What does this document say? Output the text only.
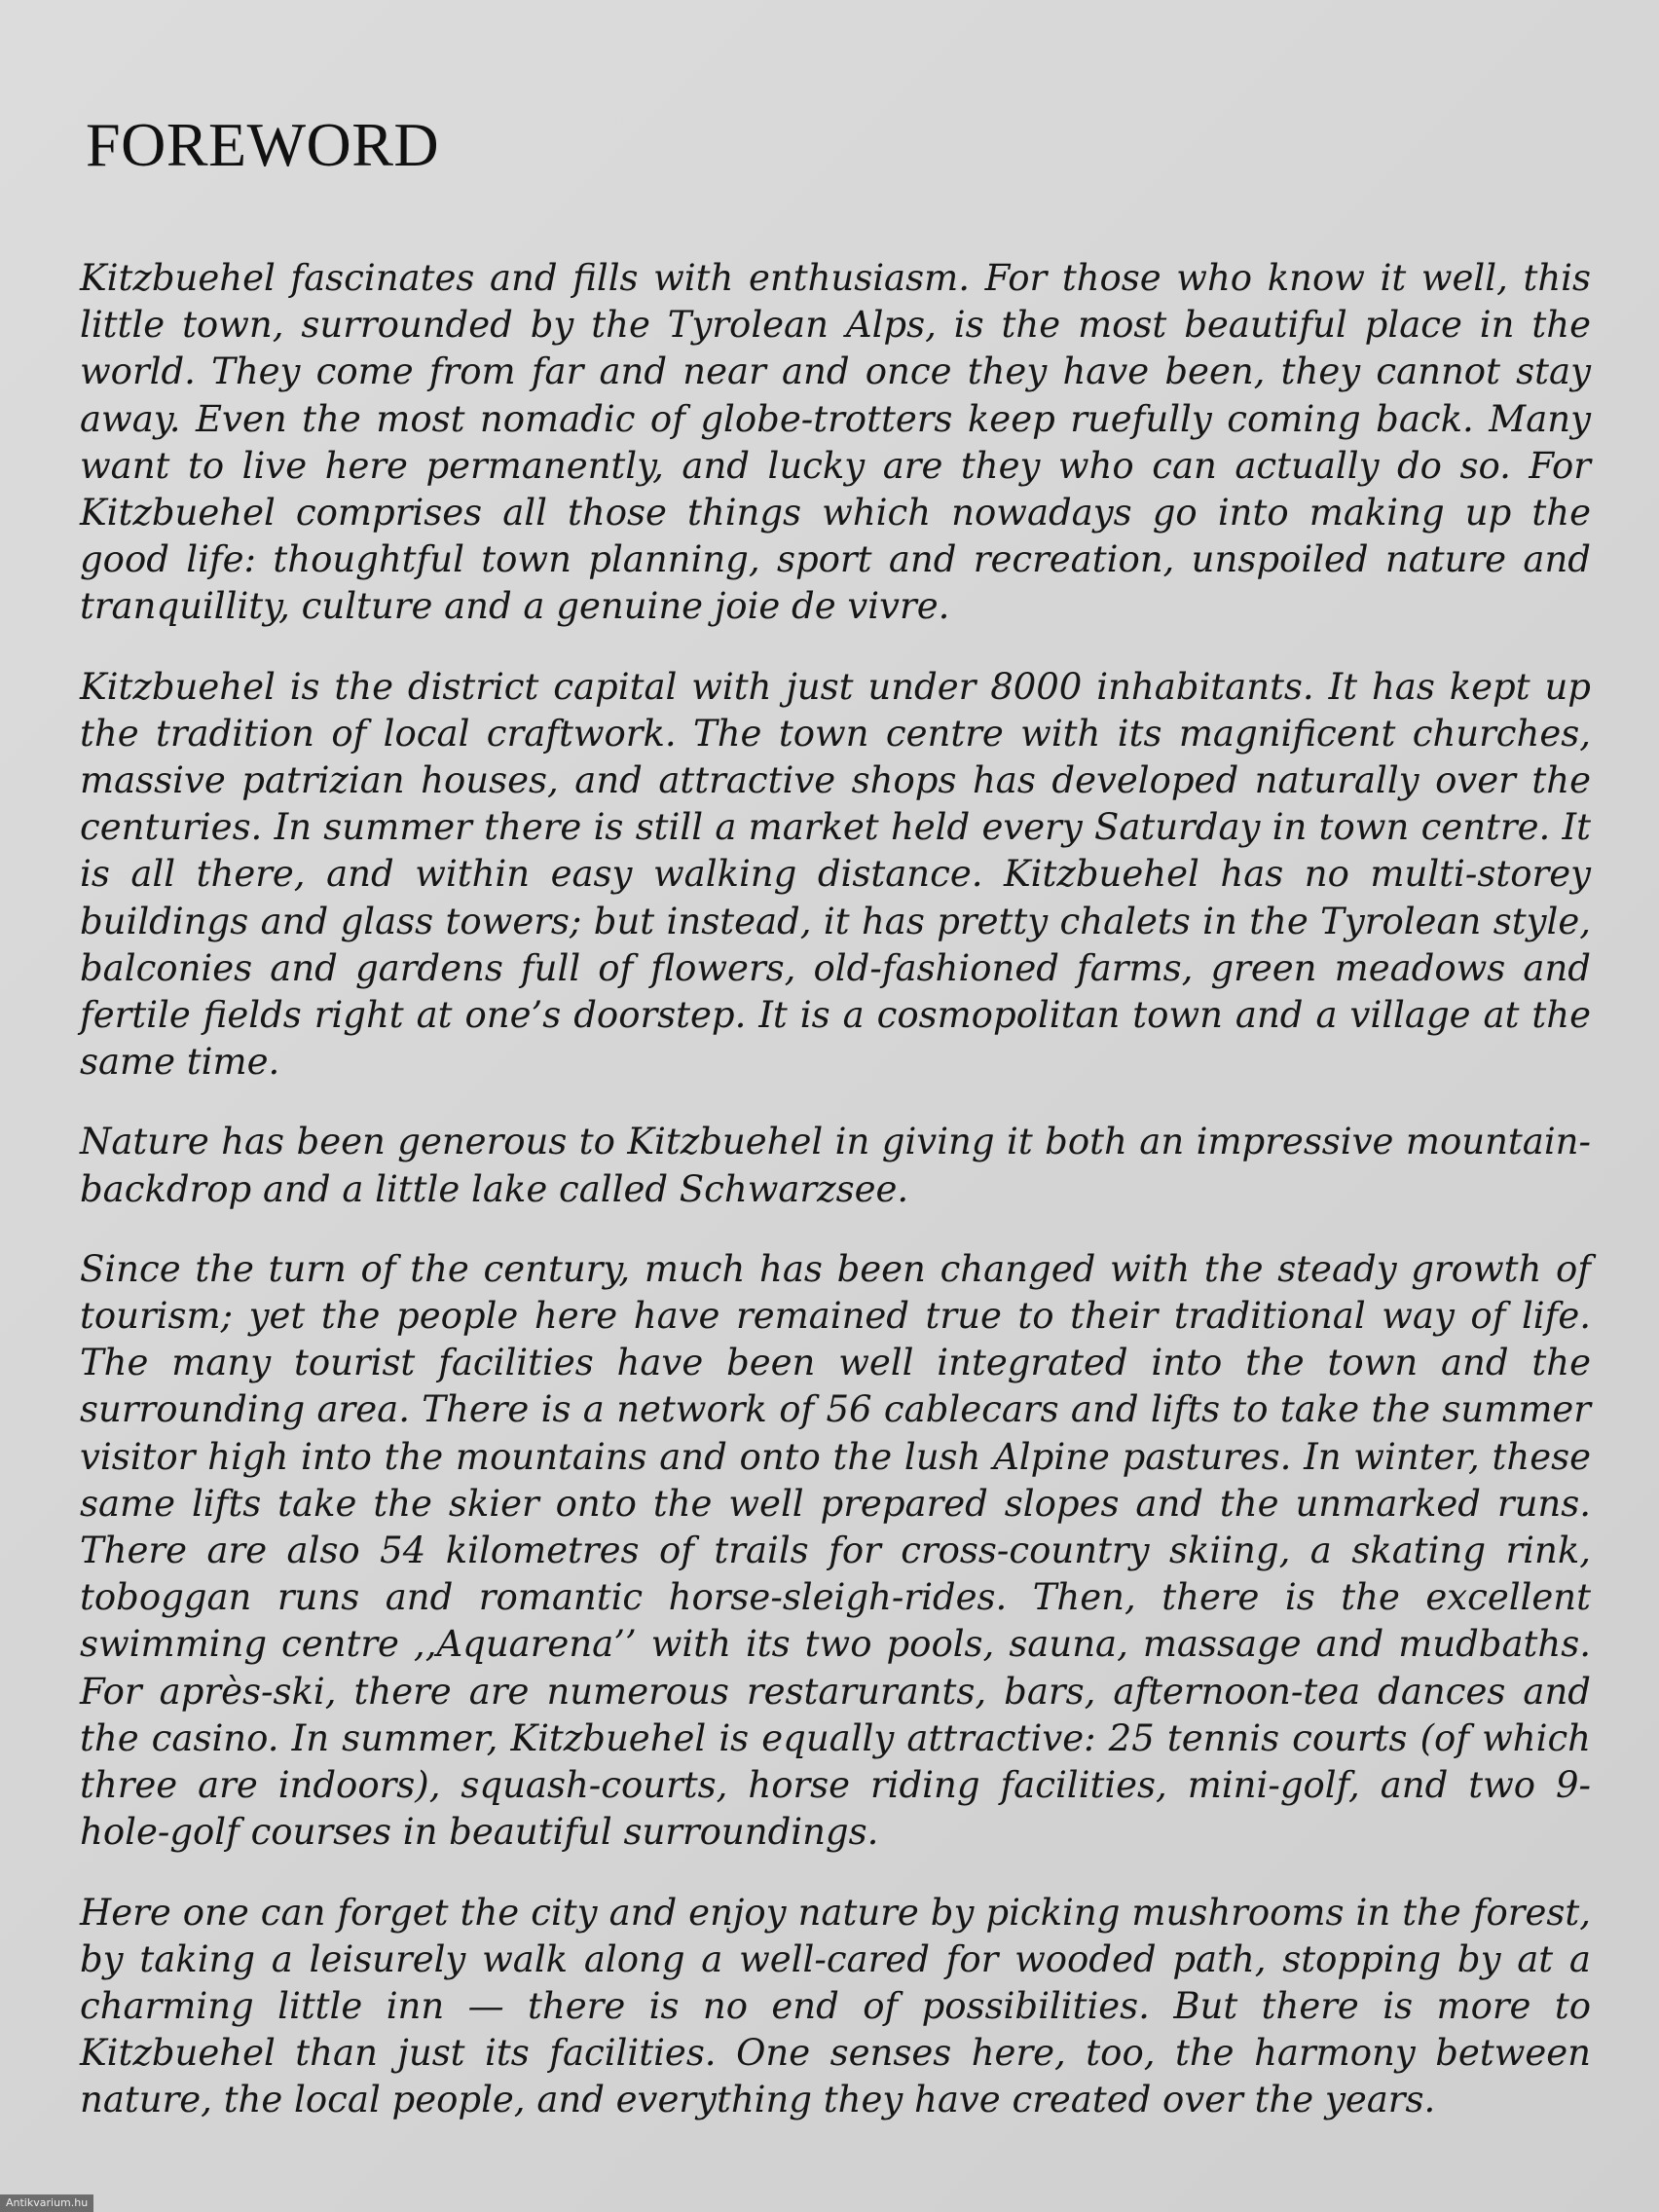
FOREWORD

Kitzbuehel fascinates and fills with enthusiasm. For those who know it well, this little town, surrounded by the Tyrolean Alps, is the most beautiful place in the world. They come from far and near and once they have been, they cannot stay away. Even the most nomadic of globe-trotters keep ruefully coming back. Many want to live here permanently, and lucky are they who can actually do so. For Kitzbuehel comprises all those things which nowadays go into making up the good life: thoughtful town planning, sport and recreation, unspoiled nature and tranquillity, culture and a genuine joie de vivre.

Kitzbuehel is the district capital with just under 8000 inhabitants. It has kept up the tradition of local craftwork. The town centre with its magnificent churches, massive patrizian houses, and attractive shops has developed naturally over the centuries. In summer there is still a market held every Saturday in town centre. It is all there, and within easy walking distance. Kitzbuehel has no multi-storey buildings and glass towers; but instead, it has pretty chalets in the Tyrolean style, balconies and gardens full of flowers, old-fashioned farms, green meadows and fertile fields right at one’s doorstep. It is a cosmopolitan town and a village at the same time.

Nature has been generous to Kitzbuehel in giving it both an impressive mountain-backdrop and a little lake called Schwarzsee.

Since the turn of the century, much has been changed with the steady growth of tourism; yet the people here have remained true to their traditional way of life. The many tourist facilities have been well integrated into the town and the surrounding area. There is a network of 56 cablecars and lifts to take the summer visitor high into the mountains and onto the lush Alpine pastures. In winter, these same lifts take the skier onto the well prepared slopes and the unmarked runs. There are also 54 kilometres of trails for cross-country skiing, a skating rink, toboggan runs and romantic horse-sleigh-rides. Then, there is the excellent swimming centre ,,Aquarena’’ with its two pools, sauna, massage and mudbaths. For après-ski, there are numerous restarurants, bars, afternoon-tea dances and the casino. In summer, Kitzbuehel is equally attractive: 25 tennis courts (of which three are indoors), squash-courts, horse riding facilities, mini-golf, and two 9-hole-golf courses in beautiful surroundings.

Here one can forget the city and enjoy nature by picking mushrooms in the forest, by taking a leisurely walk along a well-cared for wooded path, stopping by at a charming little inn — there is no end of possibilities. But there is more to Kitzbuehel than just its facilities. One senses here, too, the harmony between nature, the local people, and everything they have created over the years.

Antikvarium.hu
